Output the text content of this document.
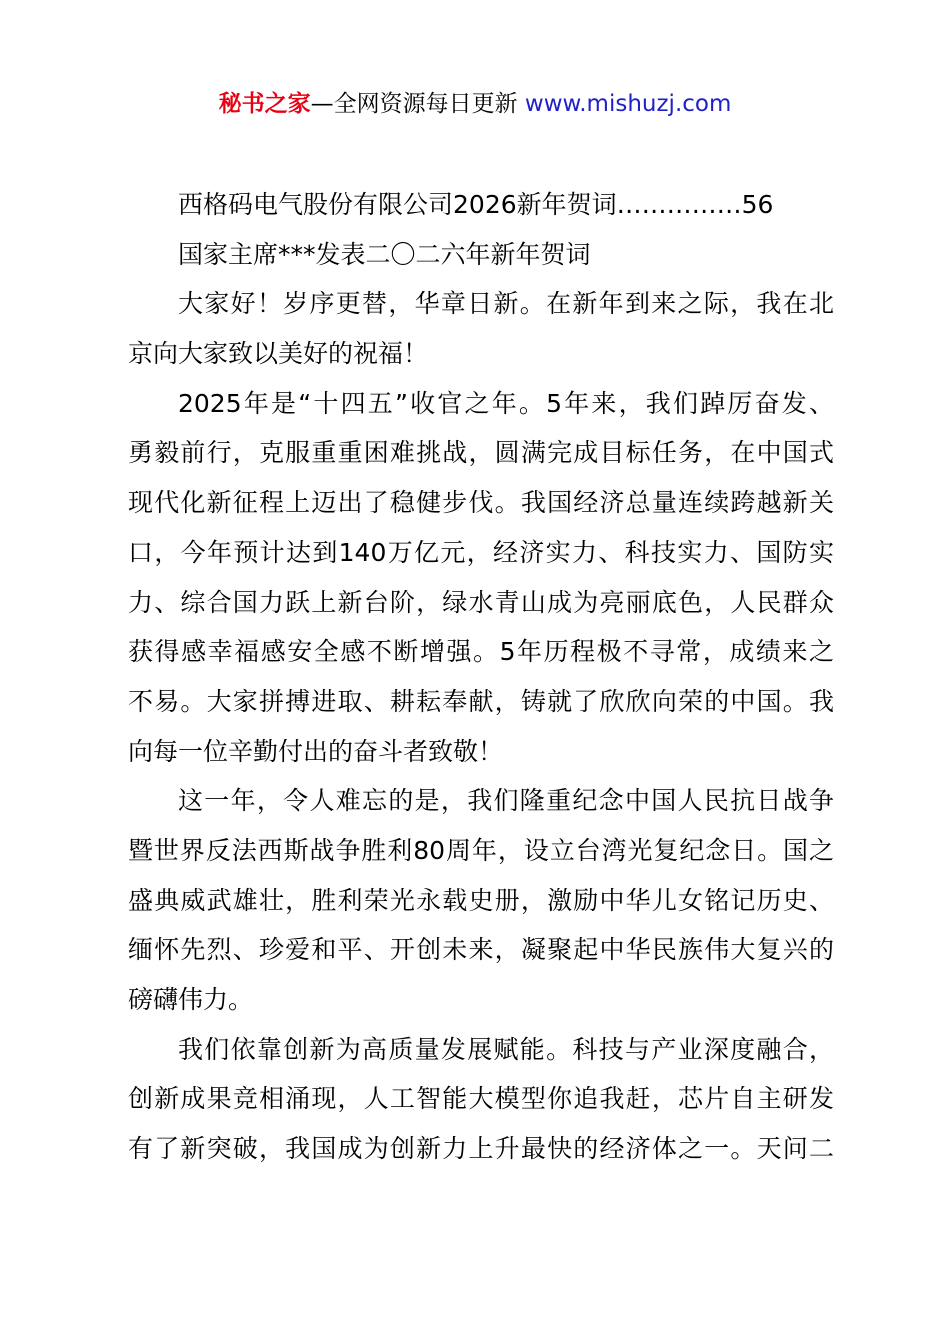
秘书之家—全网资源每日更新 www.mishuzj.com
西格码电气股份有限公司2026新年贺词……………56
国家主席***发表二〇二六年新年贺词
大家好！岁序更替，华章日新。在新年到来之际，我在北
京向大家致以美好的祝福！
2025年是“十四五”收官之年。5年来，我们踔厉奋发、
勇毅前行，克服重重困难挑战，圆满完成目标任务，在中国式
现代化新征程上迈出了稳健步伐。我国经济总量连续跨越新关
口，今年预计达到140万亿元，经济实力、科技实力、国防实
力、综合国力跃上新台阶，绿水青山成为亮丽底色，人民群众
获得感幸福感安全感不断增强。5年历程极不寻常，成绩来之
不易。大家拼搏进取、耕耘奉献，铸就了欣欣向荣的中国。我
向每一位辛勤付出的奋斗者致敬！
这一年，令人难忘的是，我们隆重纪念中国人民抗日战争
暨世界反法西斯战争胜利80周年，设立台湾光复纪念日。国之
盛典威武雄壮，胜利荣光永载史册，激励中华儿女铭记历史、
缅怀先烈、珍爱和平、开创未来，凝聚起中华民族伟大复兴的
磅礴伟力。
我们依靠创新为高质量发展赋能。科技与产业深度融合，
创新成果竞相涌现，人工智能大模型你追我赶，芯片自主研发
有了新突破，我国成为创新力上升最快的经济体之一。天问二
